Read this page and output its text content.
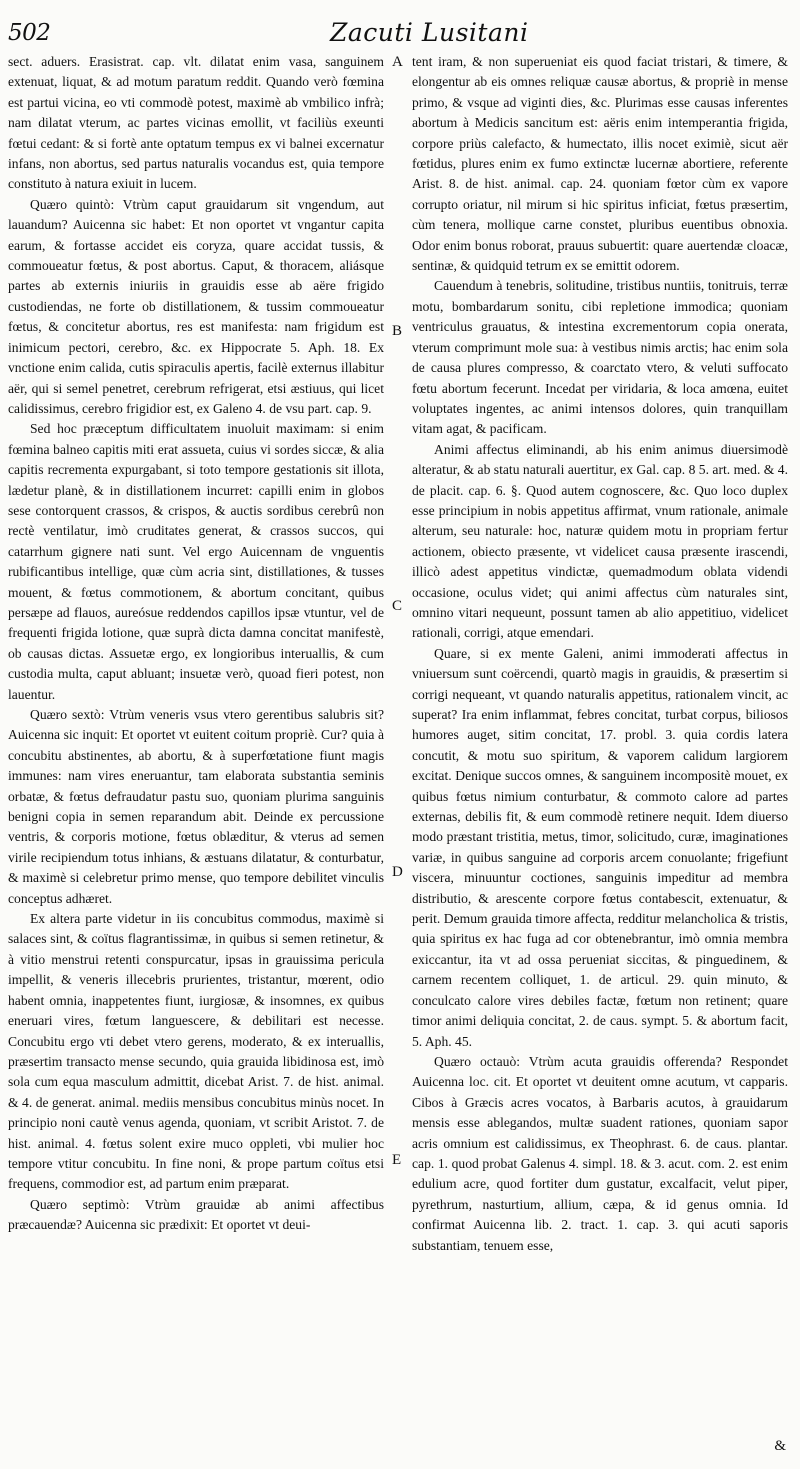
502	Zacuti Lusitani

sect. aduers. Erasistrat. cap. vlt. dilatat enim vasa, sanguinem extenuat, liquat, & ad motum paratum reddit. Quando verò fœmina est partui vicina, eo vti commodè potest, maximè ab vmbilico infrà; nam dilatat vterum, ac partes vicinas emollit, vt faciliùs exeunti fœtui cedant: & si fortè ante optatum tempus ex vi balnei excernatur infans, non abortus, sed partus naturalis vocandus est, quia tempore constituto à natura exiuit in lucem.

Quæro quintò: Vtrùm caput grauidarum sit vngendum, aut lauandum? Auicenna sic habet: Et non oportet vt vngantur capita earum, & fortasse accidet eis coryza, quare accidat tussis, & commoueatur fœtus, & post abortus. Caput, & thoracem, aliásque partes ab externis iniuriis in grauidis esse ab aëre frigido custodiendas, ne forte ob distillationem, & tussim commoueatur fœtus, & concitetur abortus, res est manifesta: nam frigidum est inimicum pectori, cerebro, &c. ex Hippocrate 5. Aph. 18. Ex vnctione enim calida, cutis spiraculis apertis, facilè externus illabitur aër, qui si semel penetret, cerebrum refrigerat, etsi æstiuus, qui licet calidissimus, cerebro frigidior est, ex Galeno 4. de vsu part. cap. 9.

Sed hoc præceptum difficultatem inuoluit maximam: si enim fœmina balneo capitis miti erat assueta, cuius vi sordes siccæ, & alia capitis recrementa expurgabant, si toto tempore gestationis sit illota, lædetur planè, & in distillationem incurret: capilli enim in globos sese contorquent crassos, & crispos, & auctis sordibus cerebrû non rectè ventilatur, imò cruditates generat, & crassos succos, qui catarrhum gignere nati sunt. Vel ergo Auicennam de vnguentis rubificantibus intellige, quæ cùm acria sint, distillationes, & tusses mouent, & fœtus commotionem, & abortum concitant, quibus persæpe ad flauos, aureósue reddendos capillos ipsæ vtuntur, vel de frequenti frigida lotione, quæ suprà dicta damna concitat manifestè, ob causas dictas. Assuetæ ergo, ex longioribus interuallis, & cum custodia multa, caput abluant; insuetæ verò, quoad fieri potest, non lauentur.

Quæro sextò: Vtrùm veneris vsus vtero gerentibus salubris sit? Auicenna sic inquit: Et oportet vt euitent coitum propriè. Cur? quia à concubitu abstinentes, ab abortu, & à superfœtatione fiunt magis immunes: nam vires eneruantur, tam elaborata substantia seminis orbatæ, & fœtus defraudatur pastu suo, quoniam plurima sanguinis benigni copia in semen reparandum abit. Deinde ex percussione ventris, & corporis motione, fœtus oblæditur, & vterus ad semen virile recipiendum totus inhians, & æstuans dilatatur, & conturbatur, & maximè si celebretur primo mense, quo tempore debilitet vinculis conceptus adhæret.

Ex altera parte videtur in iis concubitus commodus, maximè si salaces sint, & coïtus flagrantissimæ, in quibus si semen retinetur, & à vitio menstrui retenti conspurcatur, ipsas in grauissima pericula impellit, & veneris illecebris prurientes, tristantur, mœrent, odio habent omnia, inappetentes fiunt, iurgiosæ, & insomnes, ex quibus eneruari vires, fœtum languescere, & debilitari est necesse. Concubitu ergo vti debet vtero gerens, moderato, & ex interuallis, præsertim transacto mense secundo, quia grauida libidinosa est, imò sola cum equa masculum admittit, dicebat Arist. 7. de hist. animal. & 4. de generat. animal. mediis mensibus concubitus minùs nocet. In principio noni cautè venus agenda, quoniam, vt scribit Aristot. 7. de hist. animal. 4. fœtus solent exire muco oppleti, vbi mulier hoc tempore vtitur concubitu. In fine noni, & prope partum coïtus etsi frequens, commodior est, ad partum enim præparat.

Quæro septimò: Vtrùm grauidæ ab animi affectibus præcauendæ? Auicenna sic prædixit: Et oportet vt deui-

A
B
C
D
E

tent iram, & non superueniat eis quod faciat tristari, & timere, & elongentur ab eis omnes reliquæ causæ abortus, & propriè in mense primo, & vsque ad viginti dies, &c. Plurimas esse causas inferentes abortum à Medicis sancitum est: aëris enim intemperantia frigida, corpore priùs calefacto, & humectato, illis nocet eximiè, sicut aër fœtidus, plures enim ex fumo extinctæ lucernæ abortiere, referente Arist. 8. de hist. animal. cap. 24. quoniam fœtor cùm ex vapore corrupto oriatur, nil mirum si hic spiritus inficiat, fœtus præsertim, cùm tenera, mollique carne constet, pluribus euentibus obnoxia. Odor enim bonus roborat, prauus subuertit: quare auertendæ cloacæ, sentinæ, & quidquid tetrum ex se emittit odorem.

Cauendum à tenebris, solitudine, tristibus nuntiis, tonitruis, terræ motu, bombardarum sonitu, cibi repletione immodica; quoniam ventriculus grauatus, & intestina excrementorum copia onerata, vterum comprimunt mole sua: à vestibus nimis arctis; hac enim sola de causa plures compresso, & coarctato vtero, & veluti suffocato fœtu abortum fecerunt. Incedat per viridaria, & loca amœna, euitet voluptates ingentes, ac animi intensos dolores, quin tranquillam vitam agat, & pacificam.

Animi affectus eliminandi, ab his enim animus diuersimodè alteratur, & ab statu naturali auertitur, ex Gal. cap. 8 5. art. med. & 4. de placit. cap. 6. §. Quod autem cognoscere, &c. Quo loco duplex esse principium in nobis appetitus affirmat, vnum rationale, animale alterum, seu naturale: hoc, naturæ quidem motu in propriam fertur actionem, obiecto præsente, vt videlicet causa præsente irascendi, illicò adest appetitus vindictæ, quemadmodum oblata videndi occasione, oculus videt; qui animi affectus cùm naturales sint, omnino vitari nequeunt, possunt tamen ab alio appetitiuo, videlicet rationali, corrigi, atque emendari.

Quare, si ex mente Galeni, animi immoderati affectus in vniuersum sunt coërcendi, quartò magis in grauidis, & præsertim si corrigi nequeant, vt quando naturalis appetitus, rationalem vincit, ac superat? Ira enim inflammat, febres concitat, turbat corpus, biliosos humores auget, sitim concitat, 17. probl. 3. quia cordis latera concutit, & motu suo spiritum, & vaporem calidum largiorem excitat. Denique succos omnes, & sanguinem incompositè mouet, ex quibus fœtus nimium conturbatur, & commoto calore ad partes externas, debilis fit, & eum commodè retinere nequit. Idem diuerso modo præstant tristitia, metus, timor, solicitudo, curæ, imaginationes variæ, in quibus sanguine ad corporis arcem conuolante; frigefiunt viscera, minuuntur coctiones, sanguinis impeditur ad membra distributio, & arescente corpore fœtus contabescit, extenuatur, & perit. Demum grauida timore affecta, redditur melancholica & tristis, quia spiritus ex hac fuga ad cor obtenebrantur, imò omnia membra exiccantur, ita vt ad ossa perueniat siccitas, & pinguedinem, & carnem recentem colliquet, 1. de articul. 29. quin minuto, & conculcato calore vires debiles factæ, fœtum non retinent; quare timor animi deliquia concitat, 2. de caus. sympt. 5. & abortum facit, 5. Aph. 45.

Quæro octauò: Vtrùm acuta grauidis offerenda? Respondet Auicenna loc. cit. Et oportet vt deuitent omne acutum, vt capparis. Cibos à Græcis acres vocatos, à Barbaris acutos, à grauidarum mensis esse ablegandos, multæ suadent rationes, quoniam sapor acris omnium est calidissimus, ex Theophrast. 6. de caus. plantar. cap. 1. quod probat Galenus 4. simpl. 18. & 3. acut. com. 2. est enim edulium acre, quod fortiter dum gustatur, excalfacit, velut piper, pyrethrum, nasturtium, allium, cæpa, & id genus omnia. Id confirmat Auicenna lib. 2. tract. 1. cap. 3. qui acuti saporis substantiam, tenuem esse,

&
